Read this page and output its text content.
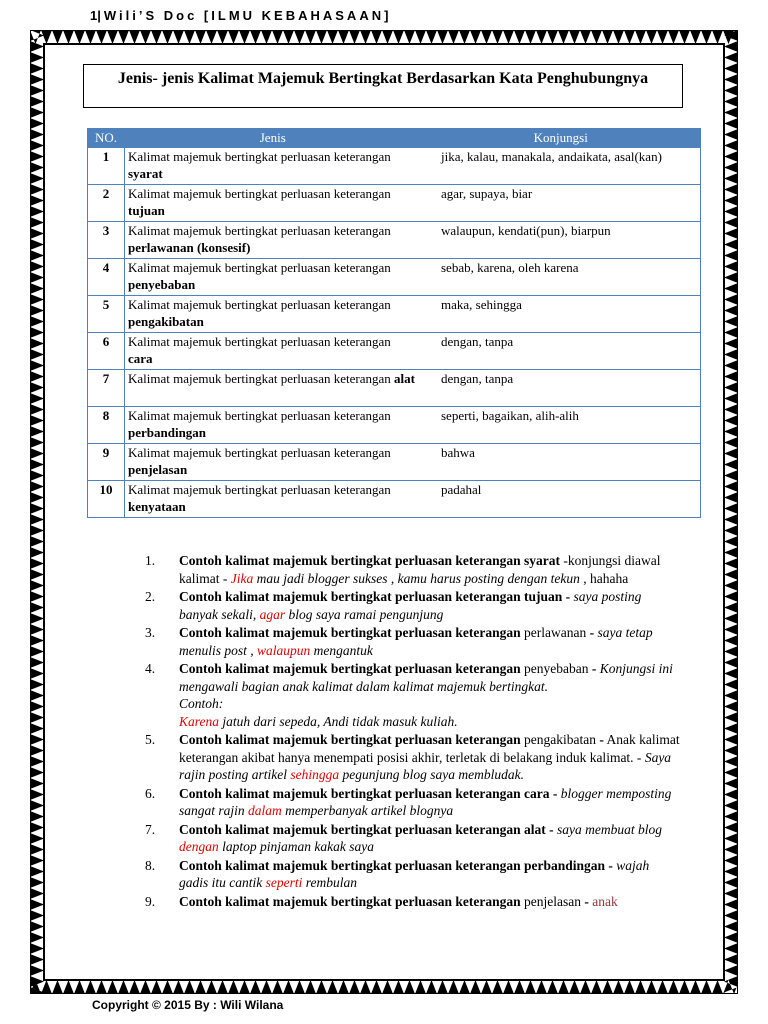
1|Wili’S Doc [ILMU KEBAHASAAN]
Jenis- jenis Kalimat Majemuk Bertingkat Berdasarkan Kata Penghubungnya
NO.	Jenis	Konjungsi
1	Kalimat majemuk bertingkat perluasan keterangan syarat	jika, kalau, manakala, andaikata, asal(kan)
2	Kalimat majemuk bertingkat perluasan keterangan tujuan	agar, supaya, biar
3	Kalimat majemuk bertingkat perluasan keterangan perlawanan (konsesif)	walaupun, kendati(pun), biarpun
4	Kalimat majemuk bertingkat perluasan keterangan penyebaban	sebab, karena, oleh karena
5	Kalimat majemuk bertingkat perluasan keterangan pengakibatan	maka, sehingga
6	Kalimat majemuk bertingkat perluasan keterangan cara	dengan, tanpa
7	Kalimat majemuk bertingkat perluasan keterangan alat	dengan, tanpa
8	Kalimat majemuk bertingkat perluasan keterangan perbandingan	seperti, bagaikan, alih-alih
9	Kalimat majemuk bertingkat perluasan keterangan penjelasan	bahwa
10	Kalimat majemuk bertingkat perluasan keterangan kenyataan	padahal
1. Contoh kalimat majemuk bertingkat perluasan keterangan syarat -konjungsi diawal kalimat - Jika mau jadi blogger sukses , kamu harus posting dengan tekun , hahaha
2. Contoh kalimat majemuk bertingkat perluasan keterangan tujuan - saya posting banyak sekali, agar blog saya ramai pengunjung
3. Contoh kalimat majemuk bertingkat perluasan keterangan perlawanan - saya tetap menulis post , walaupun mengantuk
4. Contoh kalimat majemuk bertingkat perluasan keterangan penyebaban - Konjungsi ini mengawali bagian anak kalimat dalam kalimat majemuk bertingkat.
Contoh:
Karena jatuh dari sepeda, Andi tidak masuk kuliah.
5. Contoh kalimat majemuk bertingkat perluasan keterangan pengakibatan - Anak kalimat keterangan akibat hanya menempati posisi akhir, terletak di belakang induk kalimat. - Saya rajin posting artikel sehingga pegunjung blog saya membludak.
6. Contoh kalimat majemuk bertingkat perluasan keterangan cara - blogger memposting sangat rajin dalam memperbanyak artikel blognya
7. Contoh kalimat majemuk bertingkat perluasan keterangan alat - saya membuat blog dengan laptop pinjaman kakak saya
8. Contoh kalimat majemuk bertingkat perluasan keterangan perbandingan - wajah gadis itu cantik seperti rembulan
9. Contoh kalimat majemuk bertingkat perluasan keterangan penjelasan - anak
Copyright © 2015 By : Wili Wilana
